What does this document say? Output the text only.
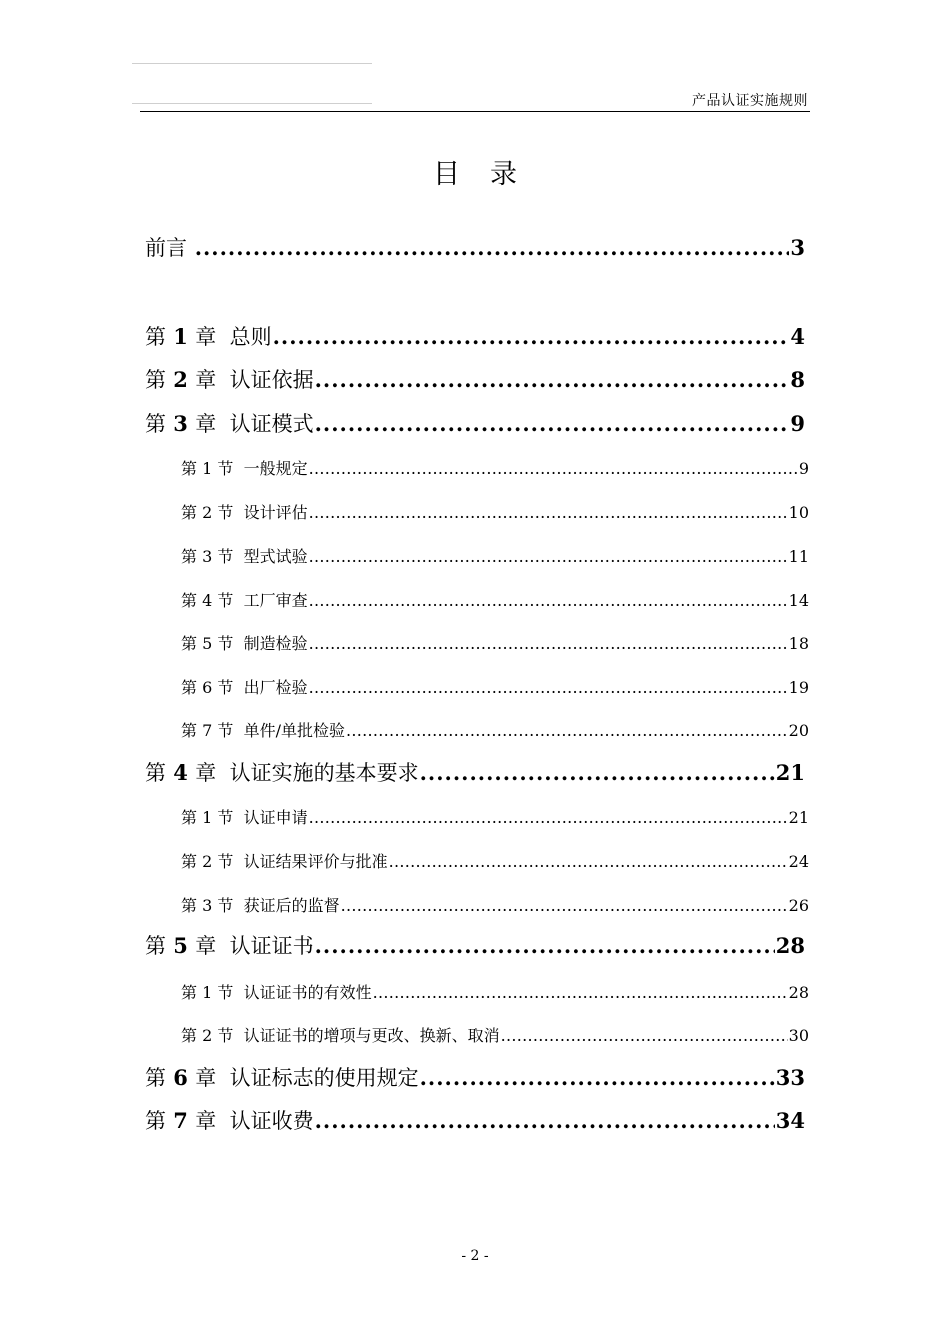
产品认证实施规则
目录
前言 .....	3
第 1 章 总则 .....	4
第 2 章 认证依据 .....	8
第 3 章 认证模式 .....	9
第 1 节 一般规定 .....	9
第 2 节 设计评估 .....	10
第 3 节 型式试验 .....	11
第 4 节 工厂审查 .....	14
第 5 节 制造检验 .....	18
第 6 节 出厂检验 .....	19
第 7 节 单件/单批检验 .....	20
第 4 章 认证实施的基本要求 .....	21
第 1 节 认证申请 .....	21
第 2 节 认证结果评价与批准 .....	24
第 3 节 获证后的监督 .....	26
第 5 章 认证证书 .....	28
第 1 节 认证证书的有效性 .....	28
第 2 节 认证证书的增项与更改、换新、取消 .....	30
第 6 章 认证标志的使用规定 .....	33
第 7 章 认证收费 .....	34
- 2 -
